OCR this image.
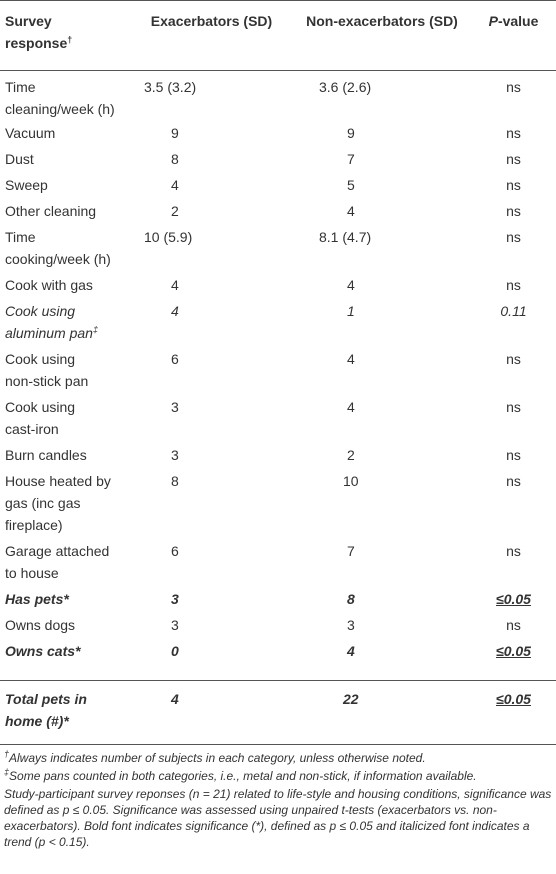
Survey
response†	Exacerbators (SD)	Non-exacerbators (SD)	P-value
Time
cleaning/week (h)	3.5 (3.2)	3.6 (2.6)	ns
Vacuum	9	9	ns
Dust	8	7	ns
Sweep	4	5	ns
Other cleaning	2	4	ns
Time
cooking/week (h)	10 (5.9)	8.1 (4.7)	ns
Cook with gas	4	4	ns
Cook using
aluminum pan‡	4	1	0.11
Cook using
non-stick pan	6	4	ns
Cook using
cast-iron	3	4	ns
Burn candles	3	2	ns
House heated by
gas (inc gas
fireplace)	8	10	ns
Garage attached
to house	6	7	ns
Has pets*	3	8	≤0.05
Owns dogs	3	3	ns
Owns cats*	0	4	≤0.05
Total pets in
home (#)*	4	22	≤0.05
†Always indicates number of subjects in each category, unless otherwise noted.
‡Some pans counted in both categories, i.e., metal and non-stick, if information available.
Study-participant survey reponses (n = 21) related to life-style and housing conditions, significance was defined as p ≤ 0.05. Significance was assessed using unpaired t-tests (exacerbators vs. non-exacerbators). Bold font indicates significance (*), defined as p ≤ 0.05 and italicized font indicates a trend (p < 0.15).
